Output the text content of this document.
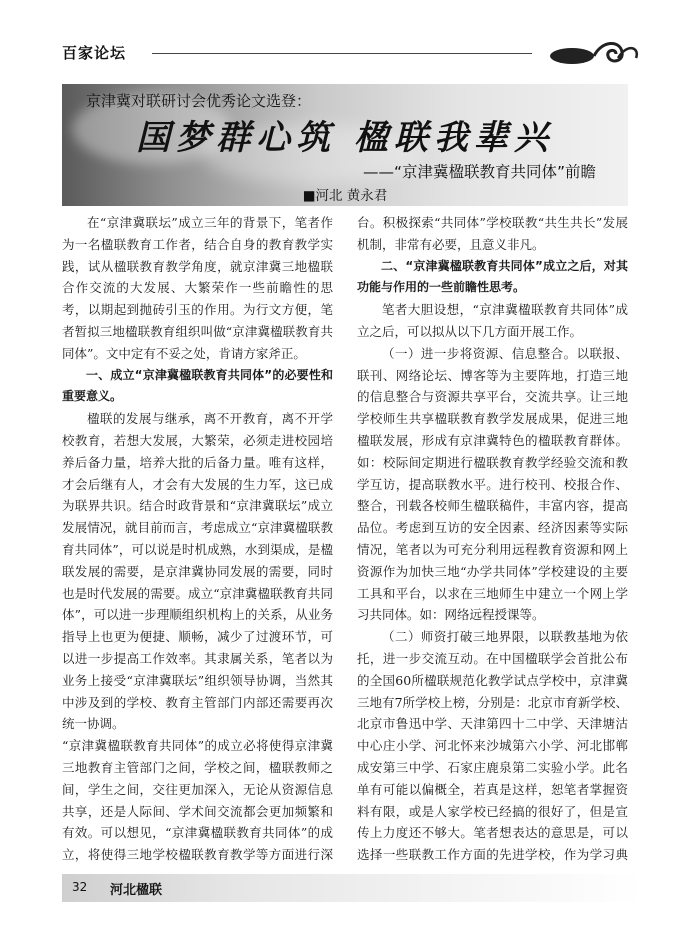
百家论坛
京津冀对联研讨会优秀论文选登：
国梦群心筑 楹联我辈兴
——“京津冀楹联教育共同体”前瞻
■河北 黄永君

在“京津冀联坛”成立三年的背景下，笔者作为一名楹联教育工作者，结合自身的教育教学实践，试从楹联教育教学角度，就京津冀三地楹联合作交流的大发展、大繁荣作一些前瞻性的思考，以期起到抛砖引玉的作用。为行文方便，笔者暂拟三地楹联教育组织叫做“京津冀楹联教育共同体”。文中定有不妥之处，肯请方家斧正。

一、成立“京津冀楹联教育共同体”的必要性和重要意义。

楹联的发展与继承，离不开教育，离不开学校教育，若想大发展，大繁荣，必须走进校园培养后备力量，培养大批的后备力量。唯有这样，才会后继有人，才会有大发展的生力军，这已成为联界共识。结合时政背景和“京津冀联坛”成立发展情况，就目前而言，考虑成立“京津冀楹联教育共同体”，可以说是时机成熟，水到渠成，是楹联发展的需要，是京津冀协同发展的需要，同时也是时代发展的需要。成立“京津冀楹联教育共同体”，可以进一步理顺组织机构上的关系，从业务指导上也更为便捷、顺畅，减少了过渡环节，可以进一步提高工作效率。其隶属关系，笔者以为业务上接受“京津冀联坛”组织领导协调，当然其中涉及到的学校、教育主管部门内部还需要再次统一协调。

“京津冀楹联教育共同体”的成立必将使得京津冀三地教育主管部门之间，学校之间，楹联教师之间，学生之间，交往更加深入，无论从资源信息共享，还是人际间、学术间交流都会更加频繁和有效。可以想见，“京津冀楹联教育共同体”的成立，将使得三地学校楹联教育教学等方面进行深

台。积极探索“共同体”学校联教“共生共长”发展机制，非常有必要，且意义非凡。

二、“京津冀楹联教育共同体”成立之后，对其功能与作用的一些前瞻性思考。

笔者大胆设想，“京津冀楹联教育共同体”成立之后，可以拟从以下几方面开展工作。

（一）进一步将资源、信息整合。以联报、联刊、网络论坛、博客等为主要阵地，打造三地的信息整合与资源共享平台，交流共享。让三地学校师生共享楹联教育教学发展成果，促进三地楹联发展，形成有京津冀特色的楹联教育群体。如：校际间定期进行楹联教育教学经验交流和教学互访，提高联教水平。进行校刊、校报合作、整合，刊载各校师生楹联稿件，丰富内容，提高品位。考虑到互访的安全因素、经济因素等实际情况，笔者以为可充分利用远程教育资源和网上资源作为加快三地“办学共同体”学校建设的主要工具和平台，以求在三地师生中建立一个网上学习共同体。如：网络远程授课等。

（二）师资打破三地界限，以联教基地为依托，进一步交流互动。在中国楹联学会首批公布的全国60所楹联规范化教学试点学校中，京津冀三地有7所学校上榜，分别是：北京市育新学校、北京市鲁迅中学、天津第四十二中学、天津塘沽中心庄小学、河北怀来沙城第六小学、河北邯郸成安第三中学、石家庄鹿泉第二实验小学。此名单有可能以偏概全，若真是这样，恕笔者掌握资料有限，或是人家学校已经搞的很好了，但是宣传上力度还不够大。笔者想表达的意思是，可以选择一些联教工作方面的先进学校，作为学习典

32 河北楹联
